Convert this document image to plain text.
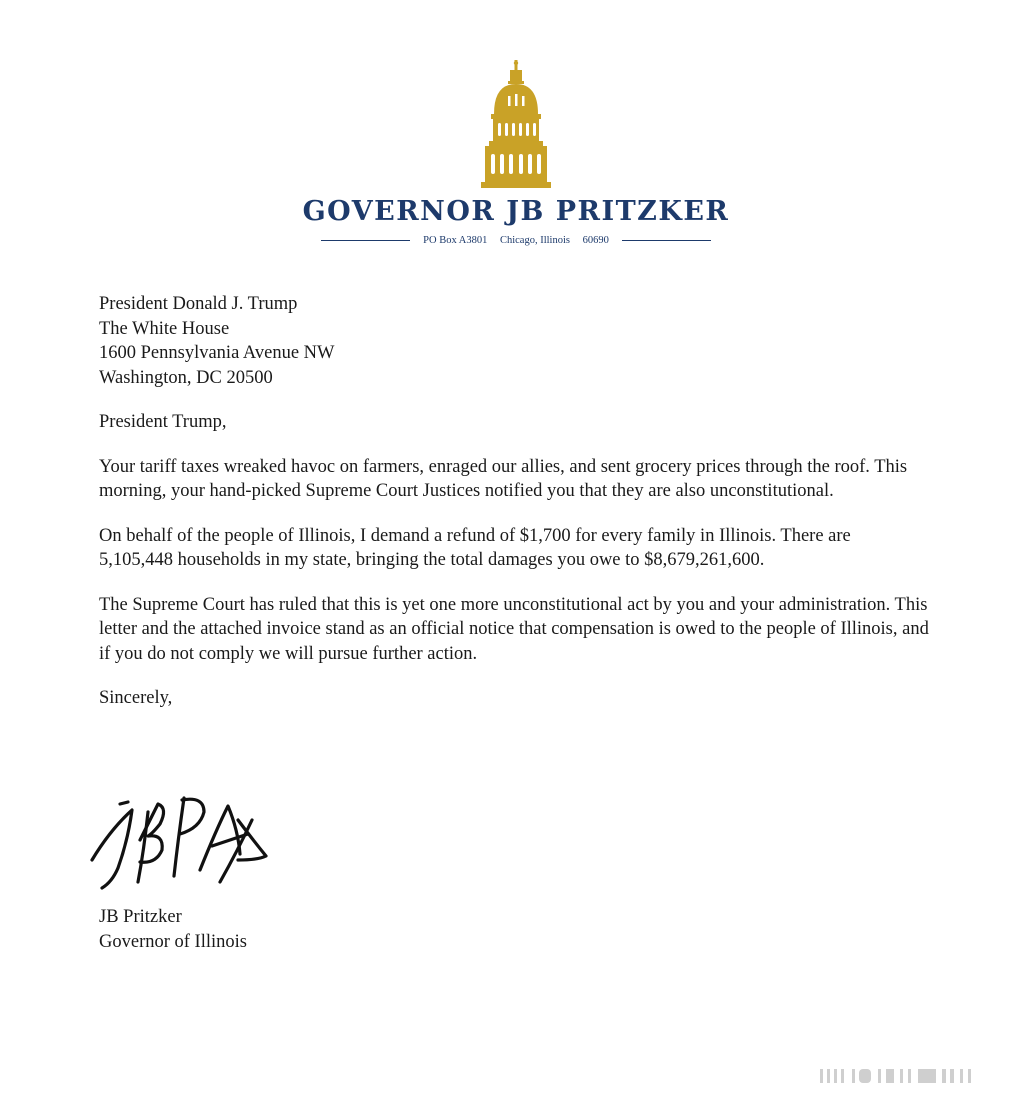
GOVERNOR JB PRITZKER
PO Box A3801 Chicago, Illinois 60690
President Donald J. Trump
The White House
1600 Pennsylvania Avenue NW
Washington, DC 20500
President Trump,
Your tariff taxes wreaked havoc on farmers, enraged our allies, and sent grocery prices through the roof. This morning, your hand-picked Supreme Court Justices notified you that they are also unconstitutional.
On behalf of the people of Illinois, I demand a refund of $1,700 for every family in Illinois. There are 5,105,448 households in my state, bringing the total damages you owe to $8,679,261,600.
The Supreme Court has ruled that this is yet one more unconstitutional act by you and your administration. This letter and the attached invoice stand as an official notice that compensation is owed to the people of Illinois, and if you do not comply we will pursue further action.
Sincerely,
JB Pritzker
Governor of Illinois
